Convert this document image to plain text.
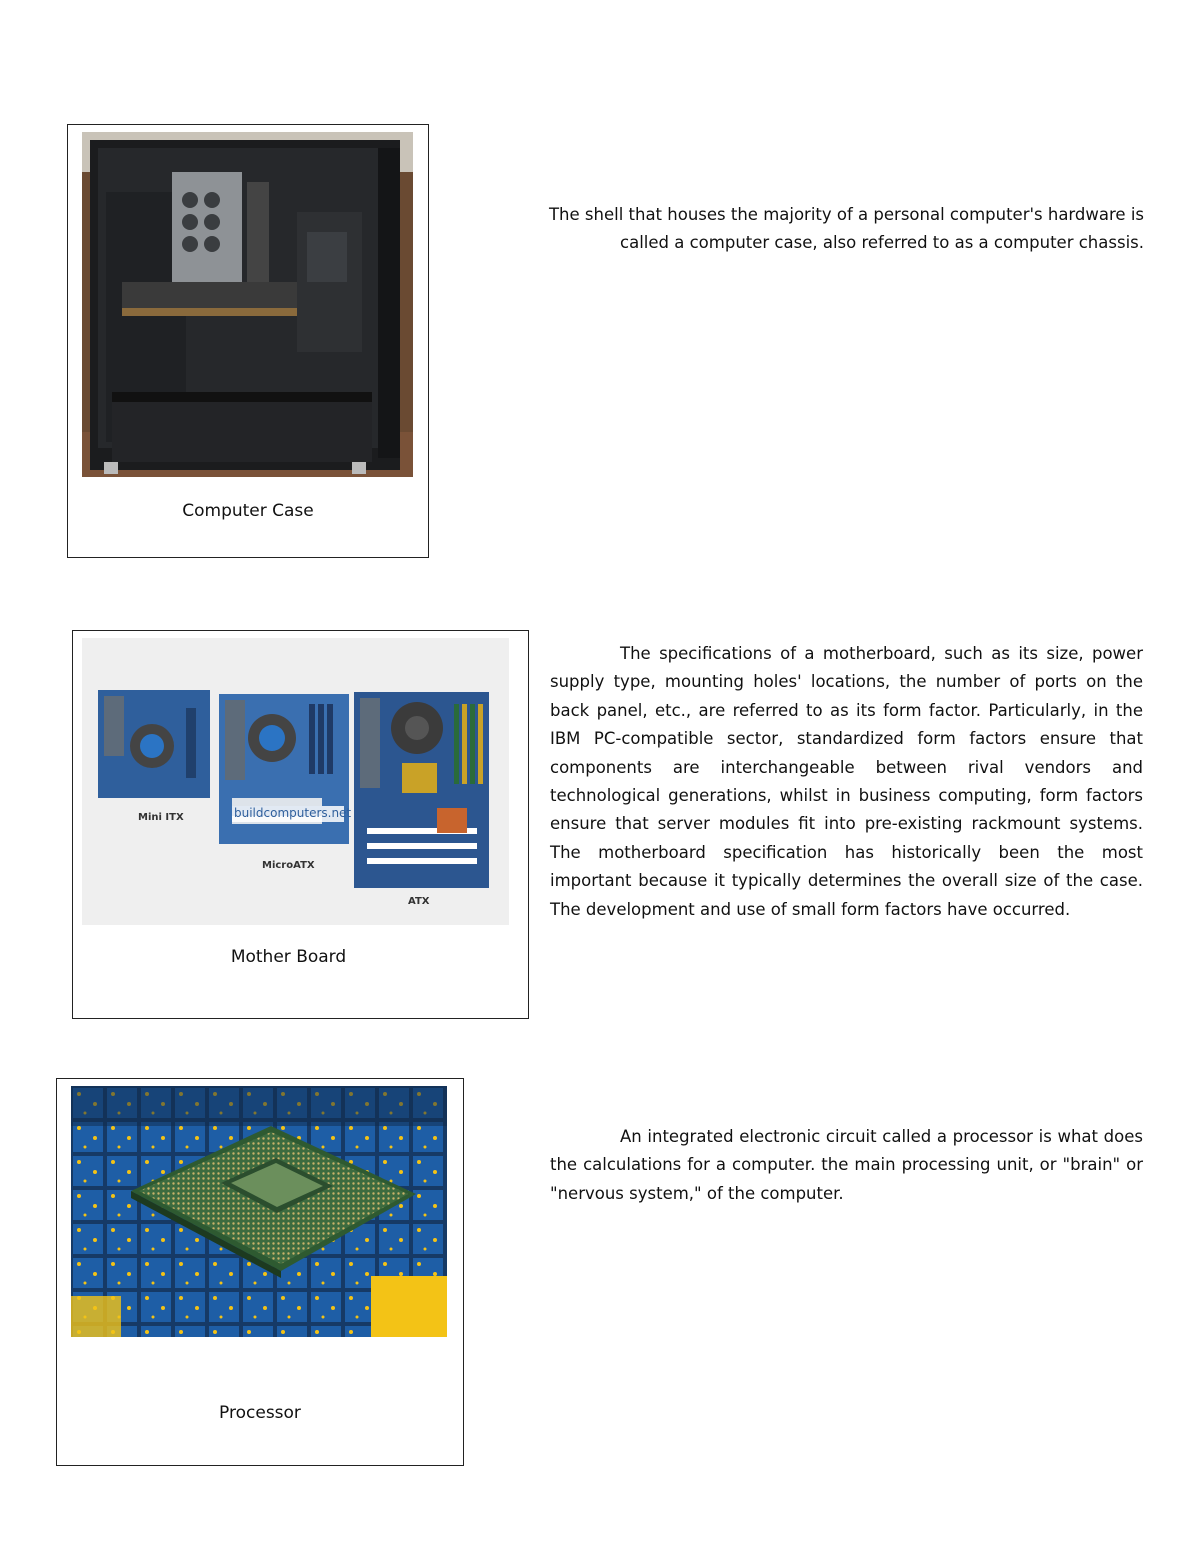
Computer Case
The shell that houses the majority of a personal computer's hardware is called a computer case, also referred to as a computer chassis.
Mini ITX	buildcomputers.net
MicroATX
ATX
Mother Board
The specifications of a motherboard, such as its size, power supply type, mounting holes' locations, the number of ports on the back panel, etc., are referred to as its form factor. Particularly, in the IBM PC-compatible sector, standardized form factors ensure that components are interchangeable between rival vendors and technological generations, whilst in business computing, form factors ensure that server modules fit into pre-existing rackmount systems. The motherboard specification has historically been the most important because it typically determines the overall size of the case. The development and use of small form factors have occurred.
Processor
An integrated electronic circuit called a processor is what does the calculations for a computer. the main processing unit, or "brain" or "nervous system," of the computer.
